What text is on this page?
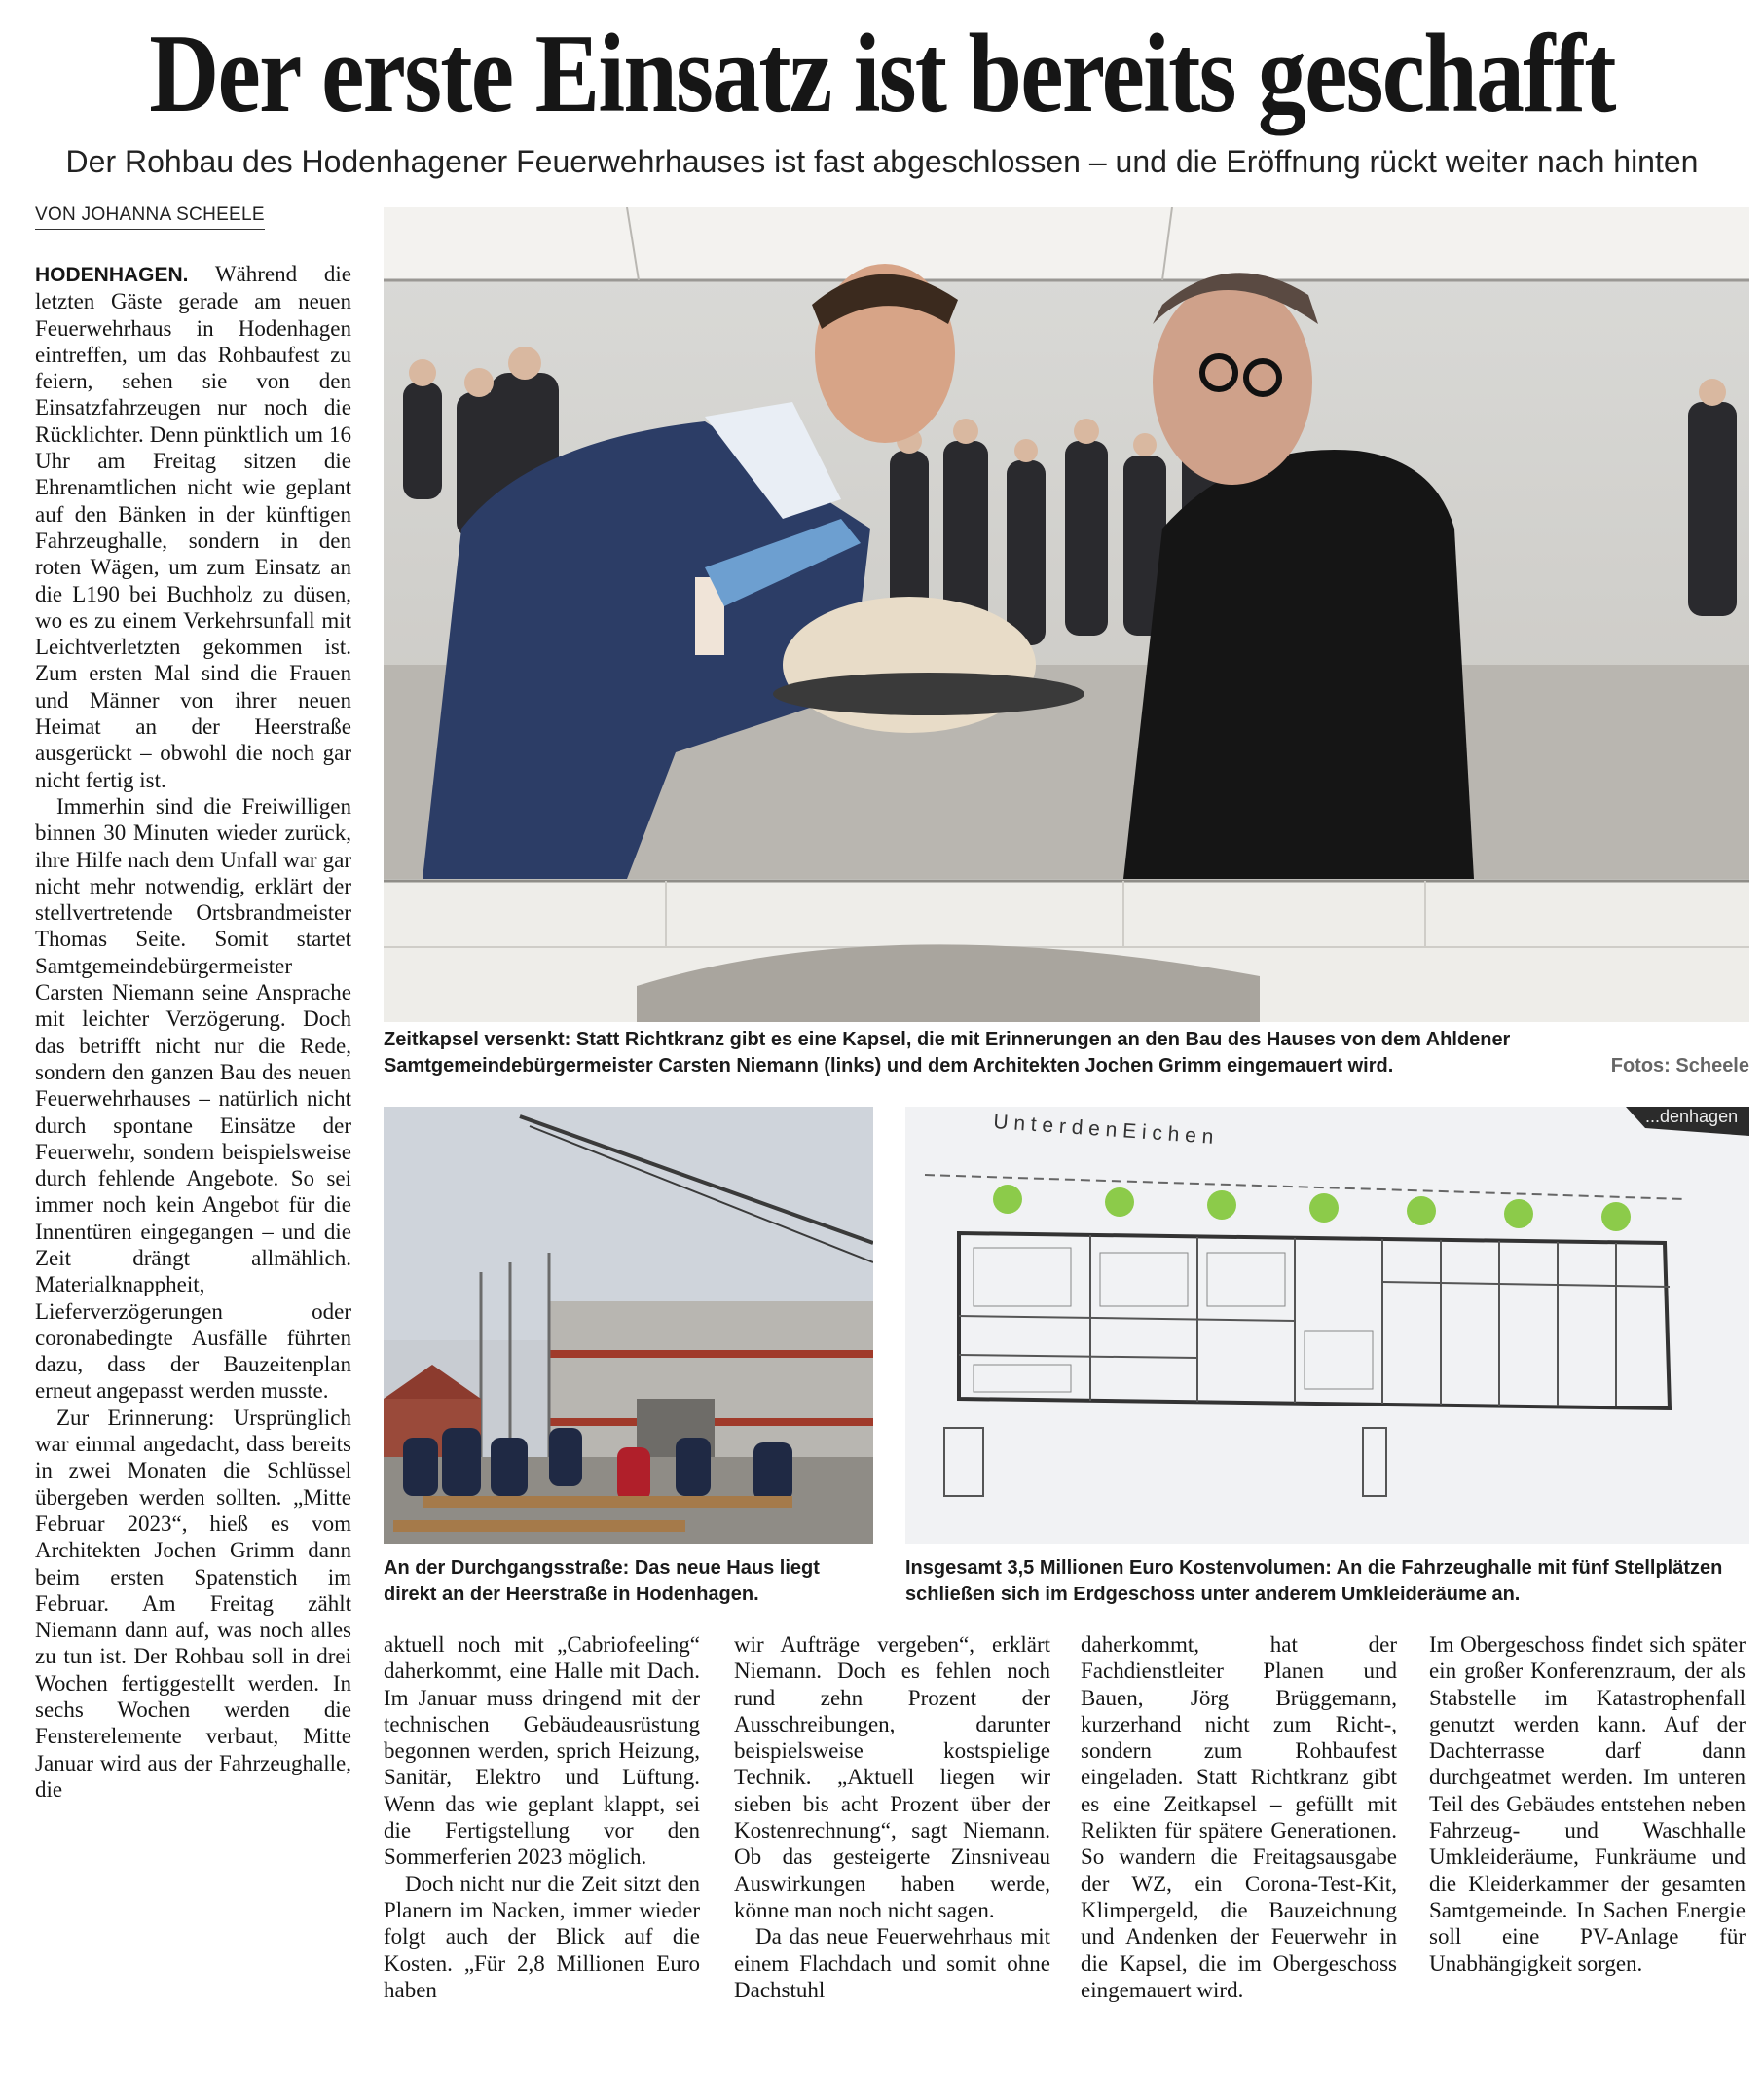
Der erste Einsatz ist bereits geschafft
Der Rohbau des Hodenhagener Feuerwehrhauses ist fast abgeschlossen – und die Eröffnung rückt weiter nach hinten
VON JOHANNA SCHEELE

HODENHAGEN. Während die letzten Gäste gerade am neuen Feuerwehrhaus in Hodenhagen eintreffen, um das Rohbaufest zu feiern, sehen sie von den Einsatzfahrzeugen nur noch die Rücklichter. Denn pünktlich um 16 Uhr am Freitag sitzen die Ehrenamtlichen nicht wie geplant auf den Bänken in der künftigen Fahrzeughalle, sondern in den roten Wägen, um zum Einsatz an die L190 bei Buchholz zu düsen, wo es zu einem Verkehrsunfall mit Leichtverletzten gekommen ist. Zum ersten Mal sind die Frauen und Männer von ihrer neuen Heimat an der Heerstraße ausgerückt – obwohl die noch gar nicht fertig ist.

Immerhin sind die Freiwilligen binnen 30 Minuten wieder zurück, ihre Hilfe nach dem Unfall war gar nicht mehr notwendig, erklärt der stellvertretende Ortsbrandmeister Thomas Seite. Somit startet Samtgemeindebürgermeister Carsten Niemann seine Ansprache mit leichter Verzögerung. Doch das betrifft nicht nur die Rede, sondern den ganzen Bau des neuen Feuerwehrhauses – natürlich nicht durch spontane Einsätze der Feuerwehr, sondern beispielsweise durch fehlende Angebote. So sei immer noch kein Angebot für die Innentüren eingegangen – und die Zeit drängt allmählich. Materialknappheit, Lieferverzögerungen oder coronabedingte Ausfälle führten dazu, dass der Bauzeitenplan erneut angepasst werden musste.

Zur Erinnerung: Ursprünglich war einmal angedacht, dass bereits in zwei Monaten die Schlüssel übergeben werden sollten. „Mitte Februar 2023“, hieß es vom Architekten Jochen Grimm dann beim ersten Spatenstich im Februar. Am Freitag zählt Niemann dann auf, was noch alles zu tun ist. Der Rohbau soll in drei Wochen fertiggestellt werden. In sechs Wochen werden die Fensterelemente verbaut, Mitte Januar wird aus der Fahrzeughalle, die

Zeitkapsel versenkt: Statt Richtkranz gibt es eine Kapsel, die mit Erinnerungen an den Bau des Hauses von dem Ahldener Samtgemeindebürgermeister Carsten Niemann (links) und dem Architekten Jochen Grimm eingemauert wird.	Fotos: Scheele
An der Durchgangsstraße: Das neue Haus liegt direkt an der Heerstraße in Hodenhagen.
...denhagen
U n t e r d e n E i c h e n
Insgesamt 3,5 Millionen Euro Kostenvolumen: An die Fahrzeughalle mit fünf Stellplätzen schließen sich im Erdgeschoss unter anderem Umkleideräume an.

aktuell noch mit „Cabriofeeling“ daherkommt, eine Halle mit Dach. Im Januar muss dringend mit der technischen Gebäudeausrüstung begonnen werden, sprich Heizung, Sanitär, Elektro und Lüftung. Wenn das wie geplant klappt, sei die Fertigstellung vor den Sommerferien 2023 möglich.

Doch nicht nur die Zeit sitzt den Planern im Nacken, immer wieder folgt auch der Blick auf die Kosten. „Für 2,8 Millionen Euro haben

wir Aufträge vergeben“, erklärt Niemann. Doch es fehlen noch rund zehn Prozent der Ausschreibungen, darunter beispielsweise kostspielige Technik. „Aktuell liegen wir sieben bis acht Prozent über der Kostenrechnung“, sagt Niemann. Ob das gesteigerte Zinsniveau Auswirkungen haben werde, könne man noch nicht sagen.

Da das neue Feuerwehrhaus mit einem Flachdach und somit ohne Dachstuhl

daherkommt, hat der Fachdienstleiter Planen und Bauen, Jörg Brüggemann, kurzerhand nicht zum Richt-, sondern zum Rohbaufest eingeladen. Statt Richtkranz gibt es eine Zeitkapsel – gefüllt mit Relikten für spätere Generationen. So wandern die Freitagsausgabe der WZ, ein Corona-Test-Kit, Klimpergeld, die Bauzeichnung und Andenken der Feuerwehr in die Kapsel, die im Obergeschoss eingemauert wird.

Im Obergeschoss findet sich später ein großer Konferenzraum, der als Stabstelle im Katastrophenfall genutzt werden kann. Auf der Dachterrasse darf dann durchgeatmet werden. Im unteren Teil des Gebäudes entstehen neben Fahrzeug- und Waschhalle Umkleideräume, Funkräume und die Kleiderkammer der gesamten Samtgemeinde. In Sachen Energie soll eine PV-Anlage für Unabhängigkeit sorgen.
